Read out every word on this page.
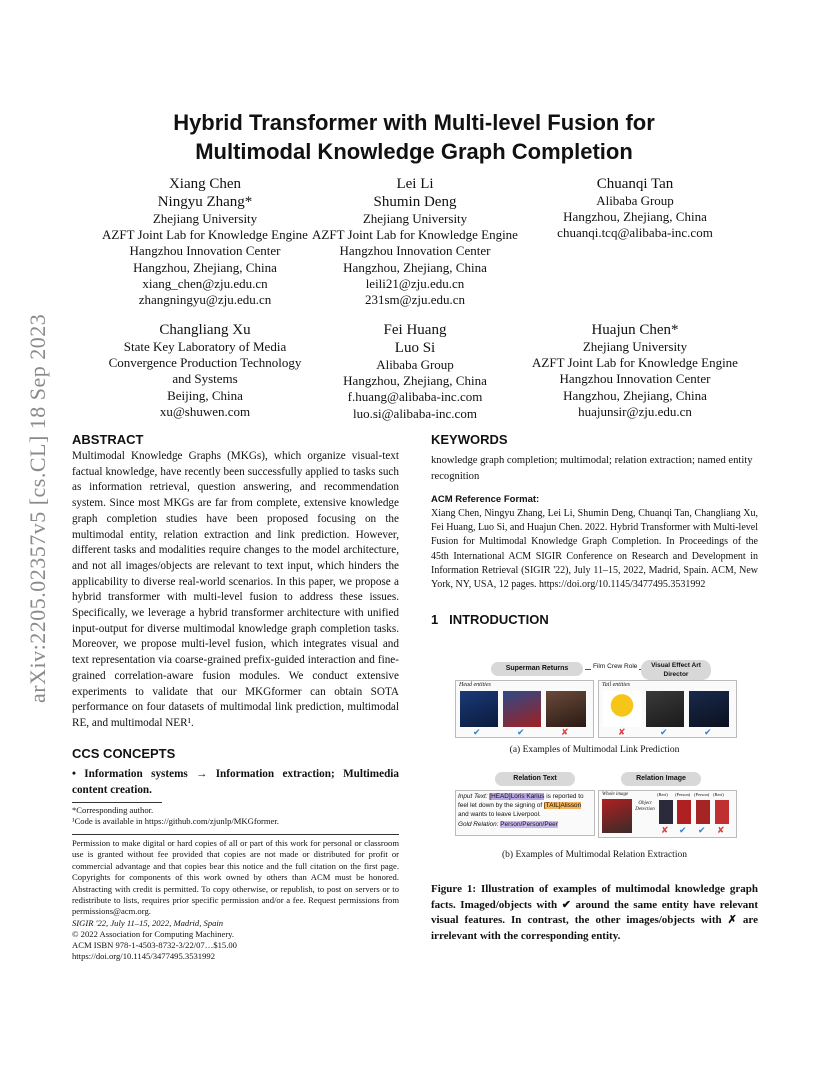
arXiv:2205.02357v5 [cs.CL] 18 Sep 2023
Hybrid Transformer with Multi-level Fusion for
Multimodal Knowledge Graph Completion
Xiang Chen
Ningyu Zhang*
Zhejiang University
AZFT Joint Lab for Knowledge Engine
Hangzhou Innovation Center
Hangzhou, Zhejiang, China
xiang_chen@zju.edu.cn
zhangningyu@zju.edu.cn
Lei Li
Shumin Deng
Zhejiang University
AZFT Joint Lab for Knowledge Engine
Hangzhou Innovation Center
Hangzhou, Zhejiang, China
leili21@zju.edu.cn
231sm@zju.edu.cn
Chuanqi Tan
Alibaba Group
Hangzhou, Zhejiang, China
chuanqi.tcq@alibaba-inc.com
Changliang Xu
State Key Laboratory of Media
Convergence Production Technology
and Systems
Beijing, China
xu@shuwen.com
Fei Huang
Luo Si
Alibaba Group
Hangzhou, Zhejiang, China
f.huang@alibaba-inc.com
luo.si@alibaba-inc.com
Huajun Chen*
Zhejiang University
AZFT Joint Lab for Knowledge Engine
Hangzhou Innovation Center
Hangzhou, Zhejiang, China
huajunsir@zju.edu.cn
ABSTRACT
Multimodal Knowledge Graphs (MKGs), which organize visual-text factual knowledge, have recently been successfully applied to tasks such as information retrieval, question answering, and recommendation system. Since most MKGs are far from complete, extensive knowledge graph completion studies have been proposed focusing on the multimodal entity, relation extraction and link prediction. However, different tasks and modalities require changes to the model architecture, and not all images/objects are relevant to text input, which hinders the applicability to diverse real-world scenarios. In this paper, we propose a hybrid transformer with multi-level fusion to address these issues. Specifically, we leverage a hybrid transformer architecture with unified input-output for diverse multimodal knowledge graph completion tasks. Moreover, we propose multi-level fusion, which integrates visual and text representation via coarse-grained prefix-guided interaction and fine-grained correlation-aware fusion modules. We conduct extensive experiments to validate that our MKGformer can obtain SOTA performance on four datasets of multimodal link prediction, multimodal RE, and multimodal NER¹.
CCS CONCEPTS
• Information systems → Information extraction; Multimedia content creation.
*Corresponding author.
¹Code is available in https://github.com/zjunlp/MKGformer.
Permission to make digital or hard copies of all or part of this work for personal or classroom use is granted without fee provided that copies are not made or distributed for profit or commercial advantage and that copies bear this notice and the full citation on the first page. Copyrights for components of this work owned by others than ACM must be honored. Abstracting with credit is permitted. To copy otherwise, or republish, to post on servers or to redistribute to lists, requires prior specific permission and/or a fee. Request permissions from permissions@acm.org.
SIGIR '22, July 11–15, 2022, Madrid, Spain
© 2022 Association for Computing Machinery.
ACM ISBN 978-1-4503-8732-3/22/07…$15.00
https://doi.org/10.1145/3477495.3531992
KEYWORDS
knowledge graph completion; multimodal; relation extraction; named entity recognition
ACM Reference Format:
Xiang Chen, Ningyu Zhang, Lei Li, Shumin Deng, Chuanqi Tan, Changliang Xu, Fei Huang, Luo Si, and Huajun Chen. 2022. Hybrid Transformer with Multi-level Fusion for Multimodal Knowledge Graph Completion. In Proceedings of the 45th International ACM SIGIR Conference on Research and Development in Information Retrieval (SIGIR '22), July 11–15, 2022, Madrid, Spain. ACM, New York, NY, USA, 12 pages. https://doi.org/10.1145/3477495.3531992
1 INTRODUCTION
Superman Returns	Film Crew Role	Visual Effect Art Director
Head entities
✔	✔	✘
Tail entities
✘	✔	✔
(a) Examples of Multimodal Link Prediction
Relation Text	Relation Image
Input Text: [HEAD]Loris Karius is reported to
feel let down by the signing of [TAIL]Alisson
and wants to leave Liverpool.
Gold Relation: Person/Person/Peer
Whole image
Object Detection
(Bert) (Person) (Person) (Bert)
✘ ✔ ✔ ✘
(b) Examples of Multimodal Relation Extraction
Figure 1: Illustration of examples of multimodal knowledge graph facts. Imaged/objects with ✔ around the same entity have relevant visual features. In contrast, the other images/objects with ✗ are irrelevant with the corresponding entity.
